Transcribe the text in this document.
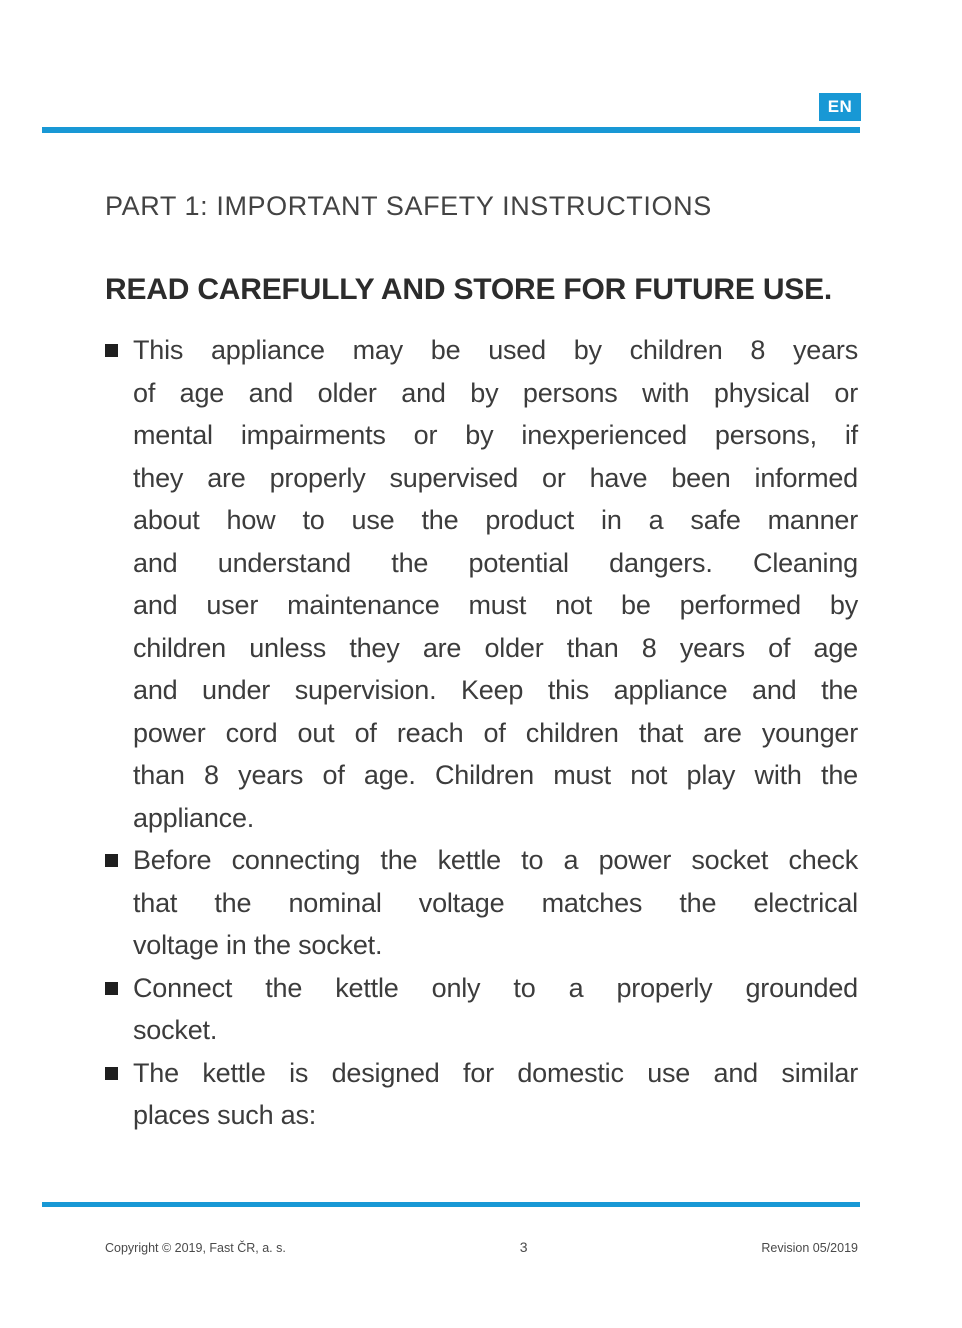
EN
PART 1: IMPORTANT SAFETY INSTRUCTIONS
READ CAREFULLY AND STORE FOR FUTURE USE.
This appliance may be used by children 8 years
of age and older and by persons with physical or
mental impairments or by inexperienced persons, if
they are properly supervised or have been informed
about how to use the product in a safe manner
and understand the potential dangers. Cleaning
and user maintenance must not be performed by
children unless they are older than 8 years of age
and under supervision. Keep this appliance and the
power cord out of reach of children that are younger
than 8 years of age. Children must not play with the
appliance.
Before connecting the kettle to a power socket check
that the nominal voltage matches the electrical
voltage in the socket.
Connect the kettle only to a properly grounded
socket.
The kettle is designed for domestic use and similar
places such as:
Copyright © 2019, Fast ČR, a. s.	3	Revision 05/2019
